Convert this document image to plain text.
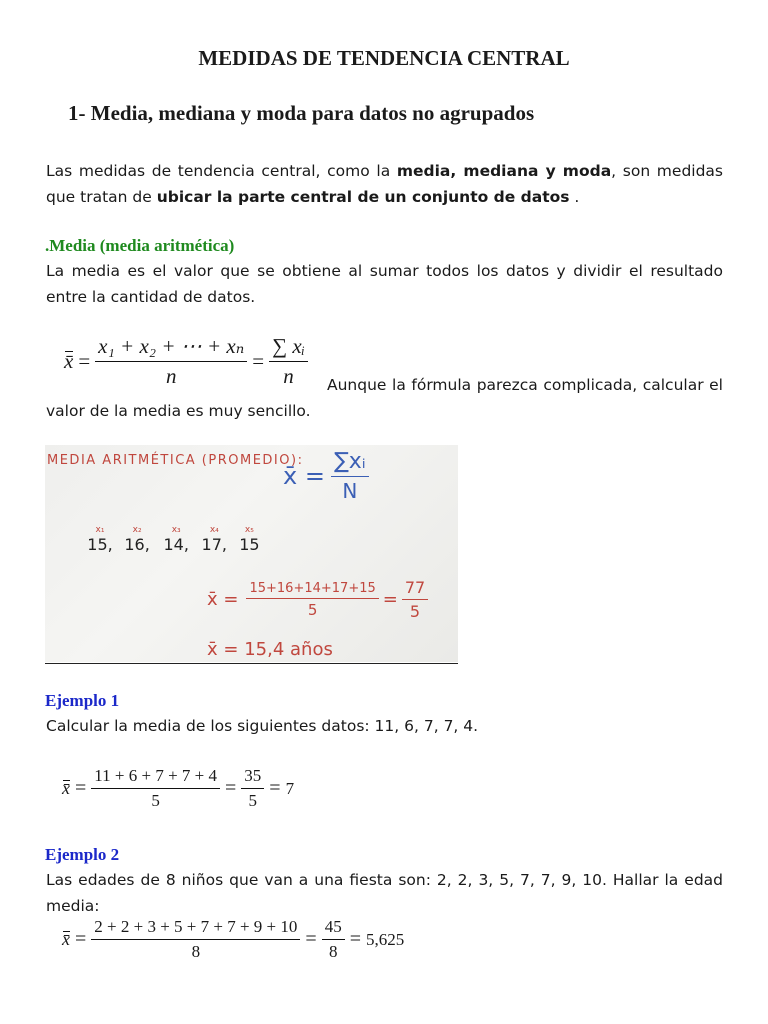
MEDIDAS DE TENDENCIA CENTRAL
1- Media, mediana y moda para datos no agrupados
Las medidas de tendencia central, como la media, mediana y moda, son medidas que tratan de ubicar la parte central de un conjunto de datos .
.Media (media aritmética)
La media es el valor que se obtiene al sumar todos los datos y dividir el resultado entre la cantidad de datos.
x̄ = $\frac{\text{x₁ + x₂ + ⋯ + xₙ}}{n} = \frac{\text{∑ xᵢ}}{n}$	Aunque la fórmula parezca complicada, calcular el valor de la media es muy sencillo.
MEDIA ARITMÉTICA (PROMEDIO):
x̄ = $\frac{\text{∑xᵢ}}{N}$
x₁
15,
x₂
16,
x₃
14,
x₄
17,
x₅
15
x̄ = $\frac{15+16+14+17+15}{5} = \frac{77}{5}$
x̄ = 15,4 años
Ejemplo 1
Calcular la media de los siguientes datos: 11, 6, 7, 7, 4.
x̄ = $\frac{11 + 6 + 7 + 7 + 4}{5} = \frac{35}{5} = 7$
Ejemplo 2
Las edades de 8 niños que van a una fiesta son: 2, 2, 3, 5, 7, 7, 9, 10. Hallar la edad media:
x̄ = $\frac{2 + 2 + 3 + 5 + 7 + 7 + 9 + 10}{8} = \frac{45}{8} = 5,625$
